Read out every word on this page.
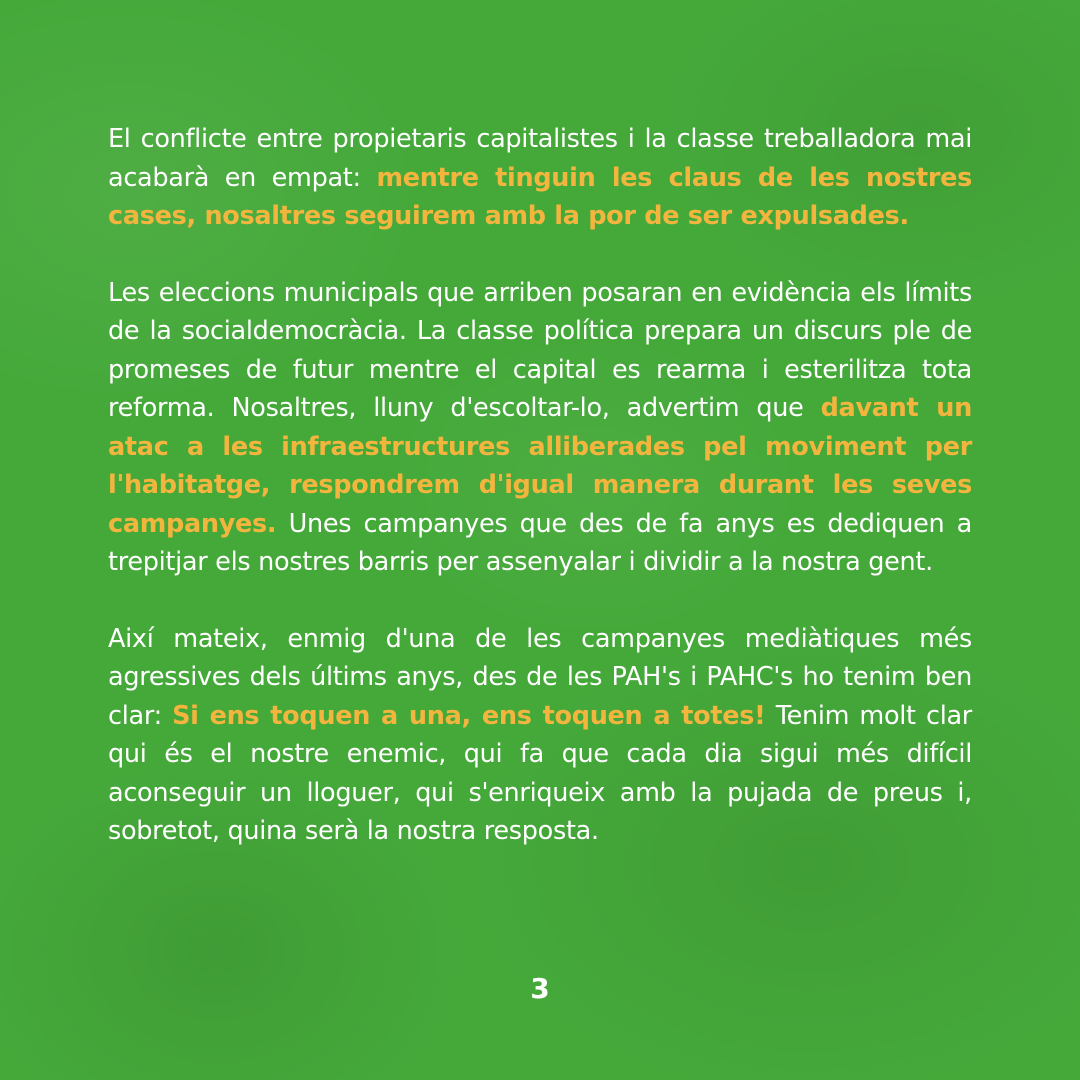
El conflicte entre propietaris capitalistes i la classe treballadora mai acabarà en empat: mentre tinguin les claus de les nostres cases, nosaltres seguirem amb la por de ser expulsades.

Les eleccions municipals que arriben posaran en evidència els límits de la socialdemocràcia. La classe política prepara un discurs ple de promeses de futur mentre el capital es rearma i esterilitza tota reforma. Nosaltres, lluny d'escoltar-lo, advertim que davant un atac a les infraestructures alliberades pel moviment per l'habitatge, respondrem d'igual manera durant les seves campanyes. Unes campanyes que des de fa anys es dediquen a trepitjar els nostres barris per assenyalar i dividir a la nostra gent.

Així mateix, enmig d'una de les campanyes mediàtiques més agressives dels últims anys, des de les PAH's i PAHC's ho tenim ben clar: Si ens toquen a una, ens toquen a totes! Tenim molt clar qui és el nostre enemic, qui fa que cada dia sigui més difícil aconseguir un lloguer, qui s'enriqueix amb la pujada de preus i, sobretot, quina serà la nostra resposta.

3
